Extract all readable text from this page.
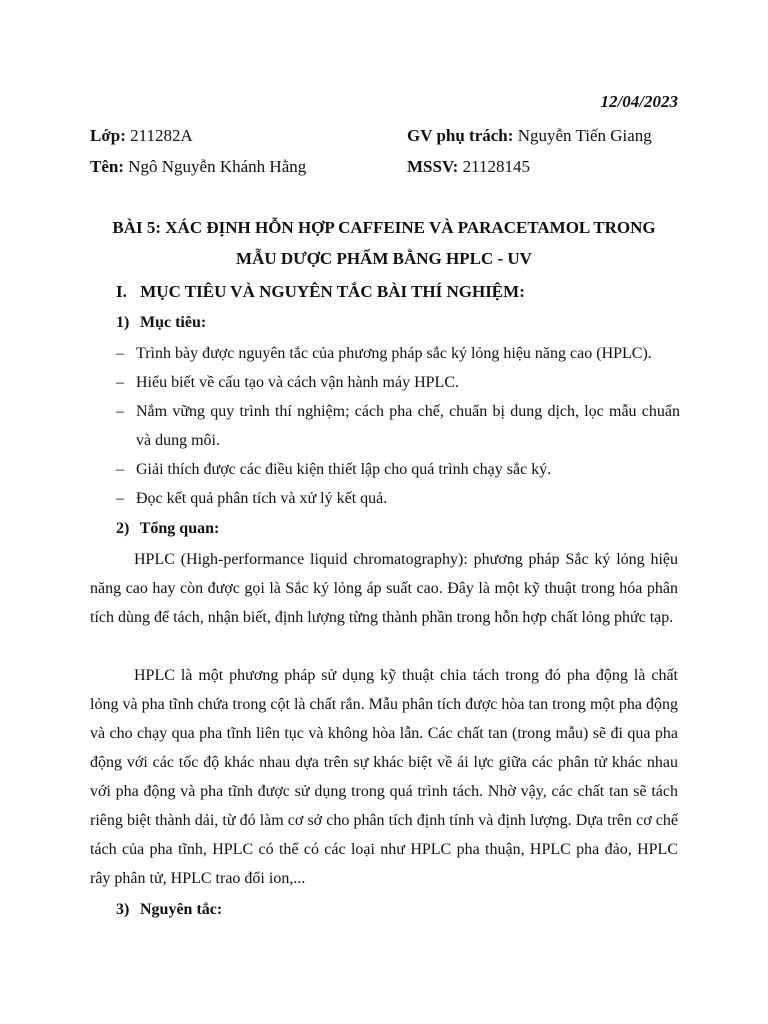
12/04/2023
Lớp: 211282A	GV phụ trách: Nguyễn Tiến Giang
Tên: Ngô Nguyễn Khánh Hằng	MSSV: 21128145
BÀI 5: XÁC ĐỊNH HỖN HỢP CAFFEINE VÀ PARACETAMOL TRONG
MẪU DƯỢC PHẨM BẰNG HPLC - UV
I. MỤC TIÊU VÀ NGUYÊN TẮC BÀI THÍ NGHIỆM:
1) Mục tiêu:
– Trình bày được nguyên tắc của phương pháp sắc ký lỏng hiệu năng cao (HPLC).
– Hiểu biết về cấu tạo và cách vận hành máy HPLC.
– Nắm vững quy trình thí nghiệm; cách pha chế, chuẩn bị dung dịch, lọc mẫu chuẩn và dung môi.
– Giải thích được các điều kiện thiết lập cho quá trình chạy sắc ký.
– Đọc kết quả phân tích và xử lý kết quả.
2) Tổng quan:
HPLC (High-performance liquid chromatography): phương pháp Sắc ký lỏng hiệu năng cao hay còn được gọi là Sắc ký lỏng áp suất cao. Đây là một kỹ thuật trong hóa phân tích dùng để tách, nhận biết, định lượng từng thành phần trong hỗn hợp chất lỏng phức tạp.
HPLC là một phương pháp sử dụng kỹ thuật chia tách trong đó pha động là chất lỏng và pha tĩnh chứa trong cột là chất rắn. Mẫu phân tích được hòa tan trong một pha động và cho chạy qua pha tĩnh liên tục và không hòa lẫn. Các chất tan (trong mẫu) sẽ đi qua pha động với các tốc độ khác nhau dựa trên sự khác biệt về ái lực giữa các phân tử khác nhau với pha động và pha tĩnh được sử dụng trong quá trình tách. Nhờ vậy, các chất tan sẽ tách riêng biệt thành dải, từ đó làm cơ sở cho phân tích định tính và định lượng. Dựa trên cơ chế tách của pha tĩnh, HPLC có thể có các loại như HPLC pha thuận, HPLC pha đảo, HPLC rây phân tử, HPLC trao đổi ion,...
3) Nguyên tắc:
